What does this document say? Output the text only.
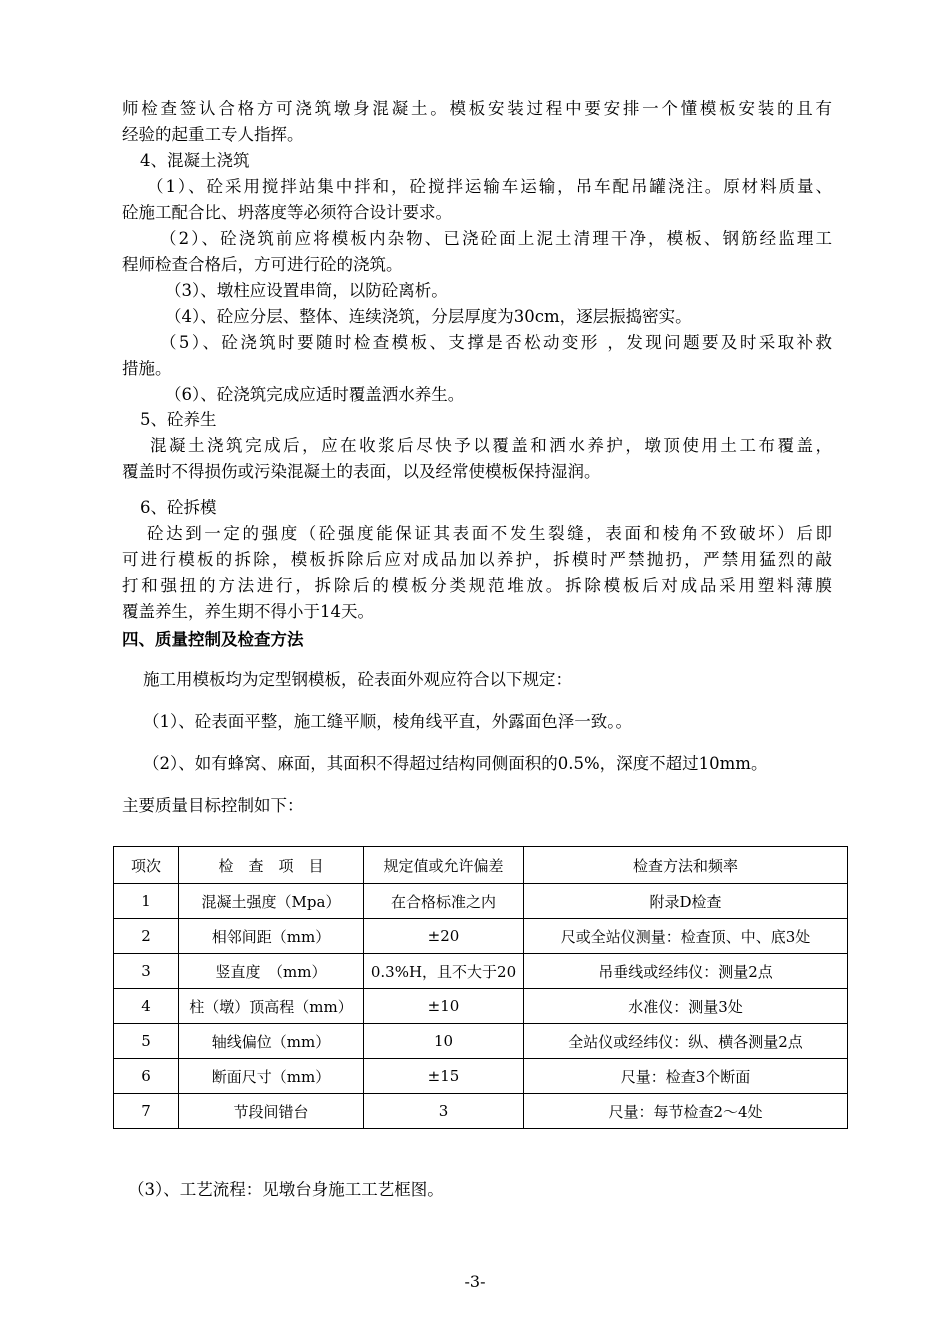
师检查签认合格方可浇筑墩身混凝土。模板安装过程中要安排一个懂模板安装的且有
经验的起重工专人指挥。
4、混凝土浇筑
（1）、砼采用搅拌站集中拌和，砼搅拌运输车运输，吊车配吊罐浇注。原材料质量、
砼施工配合比、坍落度等必须符合设计要求。
（2）、砼浇筑前应将模板内杂物、已浇砼面上泥土清理干净，模板、钢筋经监理工
程师检查合格后，方可进行砼的浇筑。
（3）、墩柱应设置串筒，以防砼离析。
（4）、砼应分层、整体、连续浇筑，分层厚度为30cm，逐层振捣密实。
（5）、砼浇筑时要随时检查模板、支撑是否松动变形 ，发现问题要及时采取补救
措施。
（6）、砼浇筑完成应适时覆盖洒水养生。
5、砼养生
混凝土浇筑完成后，应在收浆后尽快予以覆盖和洒水养护，墩顶使用土工布覆盖，
覆盖时不得损伤或污染混凝土的表面，以及经常使模板保持湿润。
6、砼拆模
砼达到一定的强度（砼强度能保证其表面不发生裂缝，表面和棱角不致破坏）后即
可进行模板的拆除，模板拆除后应对成品加以养护，拆模时严禁抛扔，严禁用猛烈的敲
打和强扭的方法进行，拆除后的模板分类规范堆放。拆除模板后对成品采用塑料薄膜
覆盖养生，养生期不得小于14天。
四、质量控制及检查方法
施工用模板均为定型钢模板，砼表面外观应符合以下规定：
（1）、砼表面平整，施工缝平顺，棱角线平直，外露面色泽一致。。
（2）、如有蜂窝、麻面，其面积不得超过结构同侧面积的0.5%，深度不超过10mm。
主要质量目标控制如下：
项次	检　查　项　目	规定值或允许偏差	检查方法和频率
1	混凝土强度（Mpa）	在合格标准之内	附录D检查
2	相邻间距（mm）	±20	尺或全站仪测量：检查顶、中、底3处
3	竖直度　（mm）	0.3%H，且不大于20	吊垂线或经纬仪：测量2点
4	柱（墩）顶高程（mm）	±10	水准仪：测量3处
5	轴线偏位（mm）	10	全站仪或经纬仪：纵、横各测量2点
6	断面尺寸（mm）	±15	尺量：检查3个断面
7	节段间错台	3	尺量：每节检查2～4处
（3）、工艺流程：见墩台身施工工艺框图。
-3-
